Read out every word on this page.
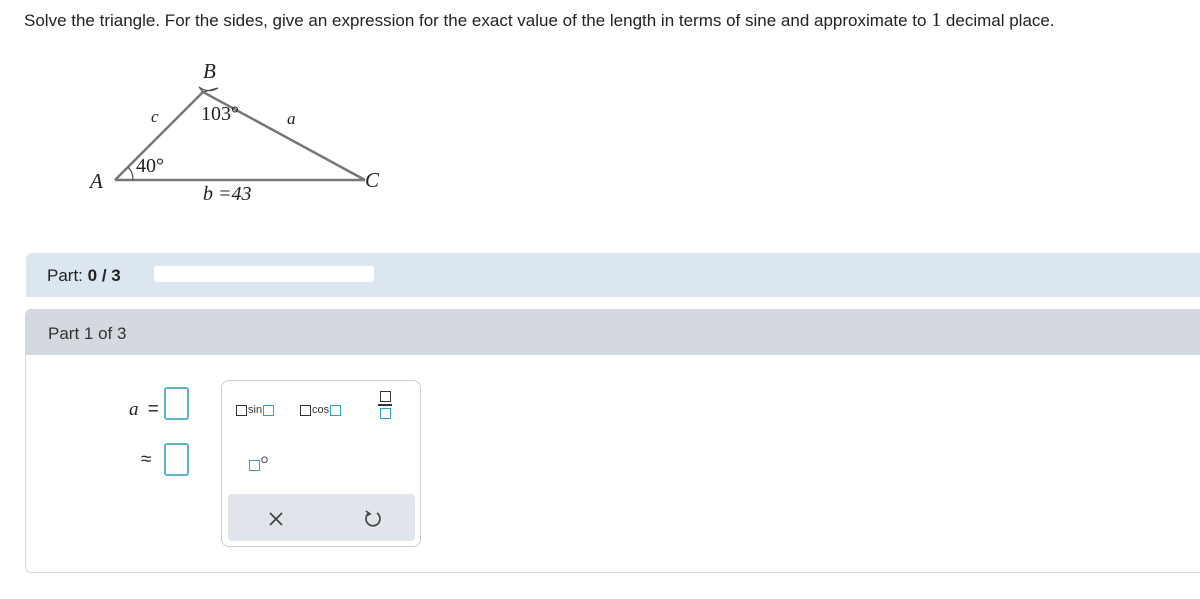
Solve the triangle. For the sides, give an expression for the exact value of the length in terms of sine and approximate to 1 decimal place.
B
103°
c	a
40°
A	C
b =43
Part: 0 / 3
Part 1 of 3
a =
≈
sin	cos
O
